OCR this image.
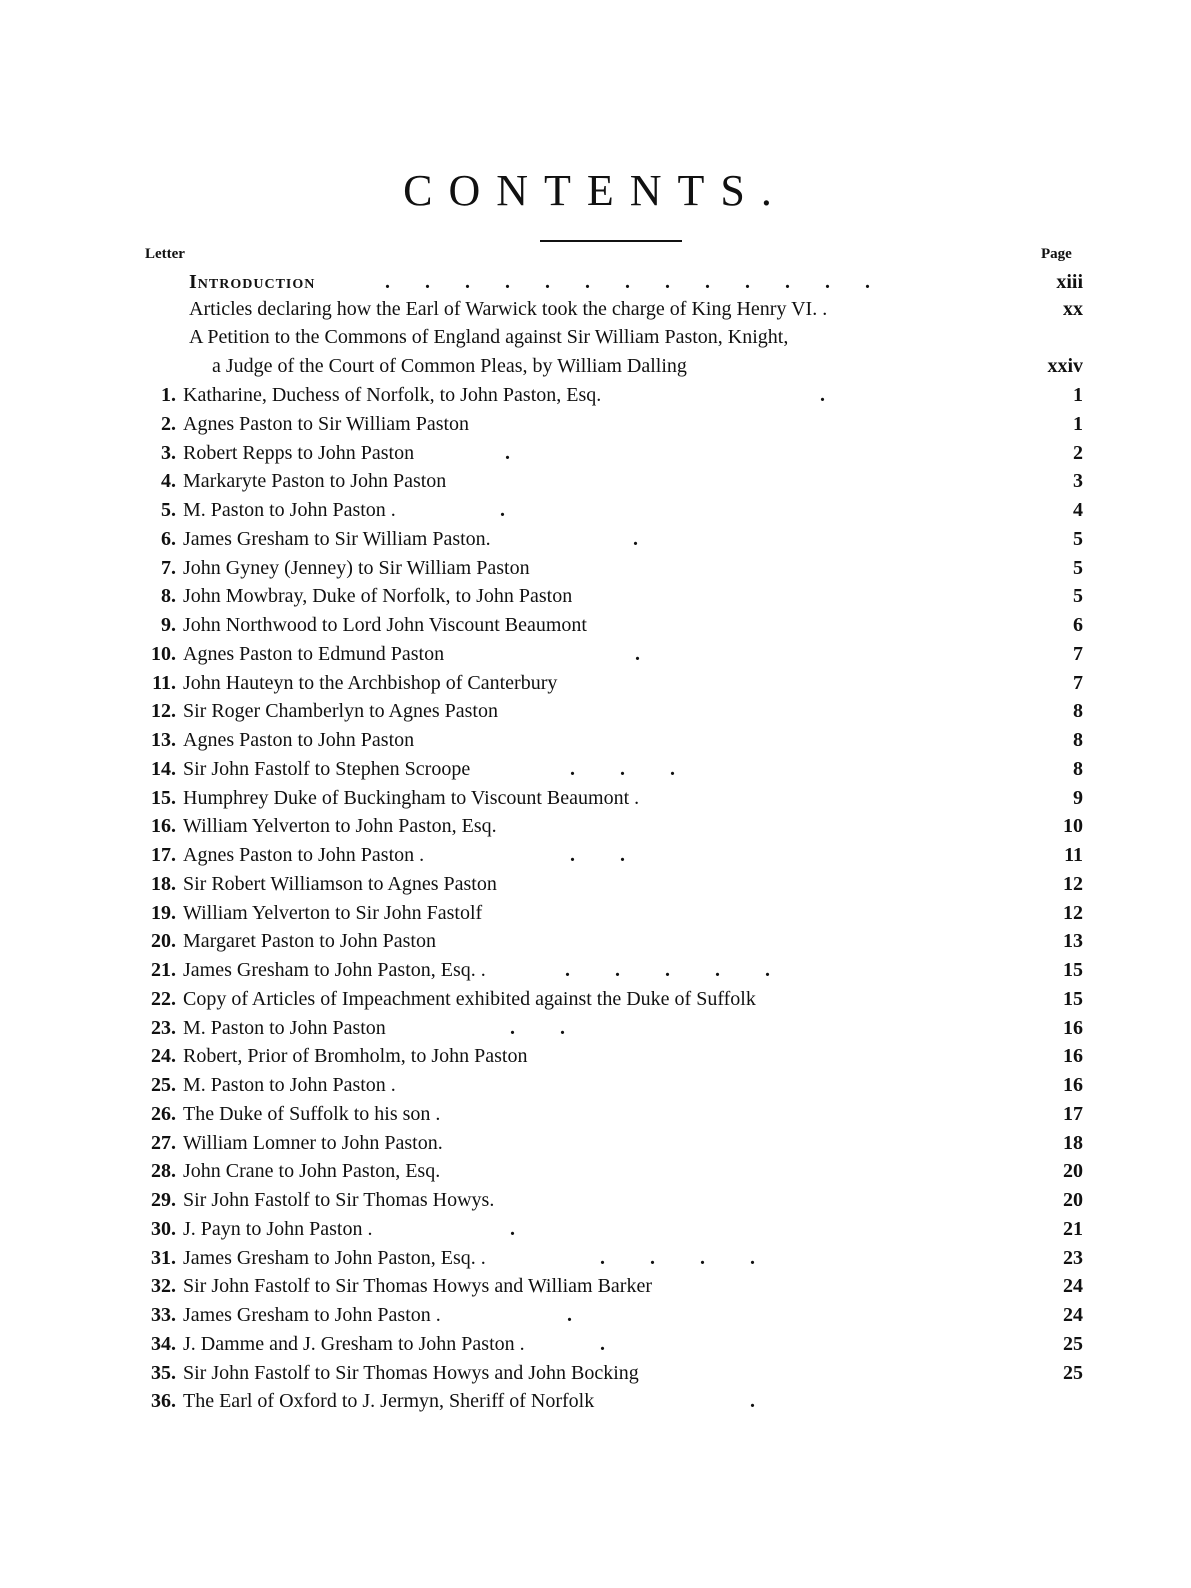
CONTENTS.
Letter	Page
Introduction	.       .       .       .       .       .       .       .       .       .       .       .       .	xiii
Articles declaring how the Earl of Warwick took the charge of King Henry VI. .	xx
A Petition to the Commons of England against Sir William Paston, Knight,
a Judge of the Court of Common Pleas, by William Dalling	xxiv
1. Katharine, Duchess of Norfolk, to John Paston, Esq.	.	1
2. Agnes Paston to Sir William Paston	1
3. Robert Repps to John Paston	.	2
4. Markaryte Paston to John Paston	3
5. M. Paston to John Paston .	.	4
6. James Gresham to Sir William Paston.	.	5
7. John Gyney (Jenney) to Sir William Paston	5
8. John Mowbray, Duke of Norfolk, to John Paston	5
9. John Northwood to Lord John Viscount Beaumont	6
10. Agnes Paston to Edmund Paston	.	7
11. John Hauteyn to the Archbishop of Canterbury	7
12. Sir Roger Chamberlyn to Agnes Paston	8
13. Agnes Paston to John Paston	8
14. Sir John Fastolf to Stephen Scroope	. . .	8
15. Humphrey Duke of Buckingham to Viscount Beaumont .	9
16. William Yelverton to John Paston, Esq.	10
17. Agnes Paston to John Paston .	. .	11
18. Sir Robert Williamson to Agnes Paston	12
19. William Yelverton to Sir John Fastolf	12
20. Margaret Paston to John Paston	13
21. James Gresham to John Paston, Esq. .	. . . . .	15
22. Copy of Articles of Impeachment exhibited against the Duke of Suffolk	15
23. M. Paston to John Paston	. .	16
24. Robert, Prior of Bromholm, to John Paston	16
25. M. Paston to John Paston .	16
26. The Duke of Suffolk to his son .	17
27. William Lomner to John Paston.	18
28. John Crane to John Paston, Esq.	20
29. Sir John Fastolf to Sir Thomas Howys.	20
30. J. Payn to John Paston .	.	21
31. James Gresham to John Paston, Esq. .	. . . .	23
32. Sir John Fastolf to Sir Thomas Howys and William Barker	24
33. James Gresham to John Paston .	.	24
34. J. Damme and J. Gresham to John Paston .	.	25
35. Sir John Fastolf to Sir Thomas Howys and John Bocking	25
36. The Earl of Oxford to J. Jermyn, Sheriff of Norfolk	.
